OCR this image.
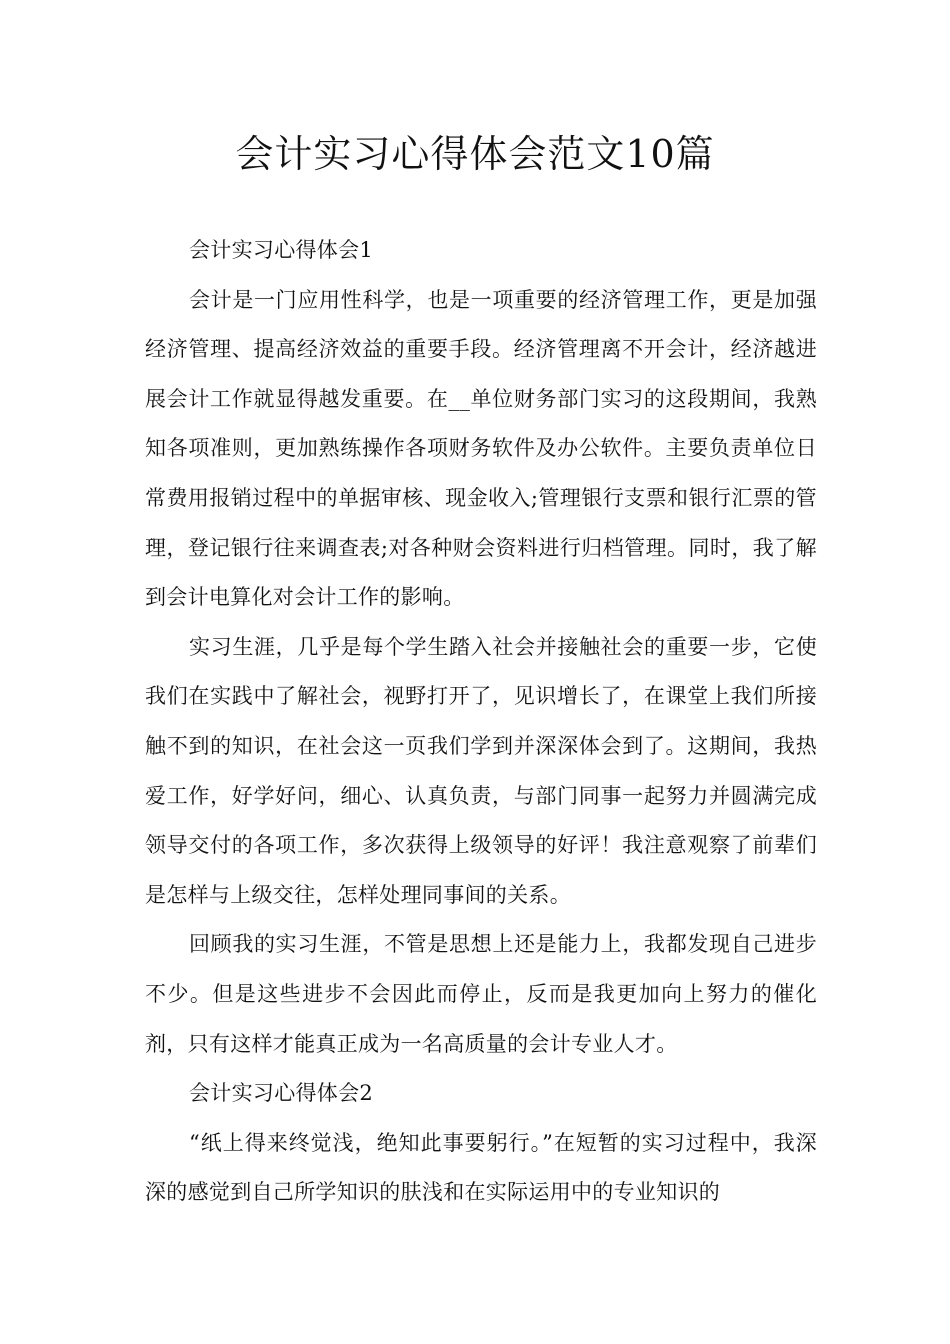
会计实习心得体会范文10篇
会计实习心得体会1

会计是一门应用性科学，也是一项重要的经济管理工作，更是加强经济管理、提高经济效益的重要手段。经济管理离不开会计，经济越进展会计工作就显得越发重要。在__单位财务部门实习的这段期间，我熟知各项准则，更加熟练操作各项财务软件及办公软件。主要负责单位日常费用报销过程中的单据审核、现金收入;管理银行支票和银行汇票的管理，登记银行往来调查表;对各种财会资料进行归档管理。同时，我了解到会计电算化对会计工作的影响。

实习生涯，几乎是每个学生踏入社会并接触社会的重要一步，它使我们在实践中了解社会，视野打开了，见识增长了，在课堂上我们所接触不到的知识，在社会这一页我们学到并深深体会到了。这期间，我热爱工作，好学好问，细心、认真负责，与部门同事一起努力并圆满完成领导交付的各项工作，多次获得上级领导的好评！我注意观察了前辈们是怎样与上级交往，怎样处理同事间的关系。

回顾我的实习生涯，不管是思想上还是能力上，我都发现自己进步不少。但是这些进步不会因此而停止，反而是我更加向上努力的催化剂，只有这样才能真正成为一名高质量的会计专业人才。

会计实习心得体会2

“纸上得来终觉浅，绝知此事要躬行。”在短暂的实习过程中，我深深的感觉到自己所学知识的肤浅和在实际运用中的专业知识的
